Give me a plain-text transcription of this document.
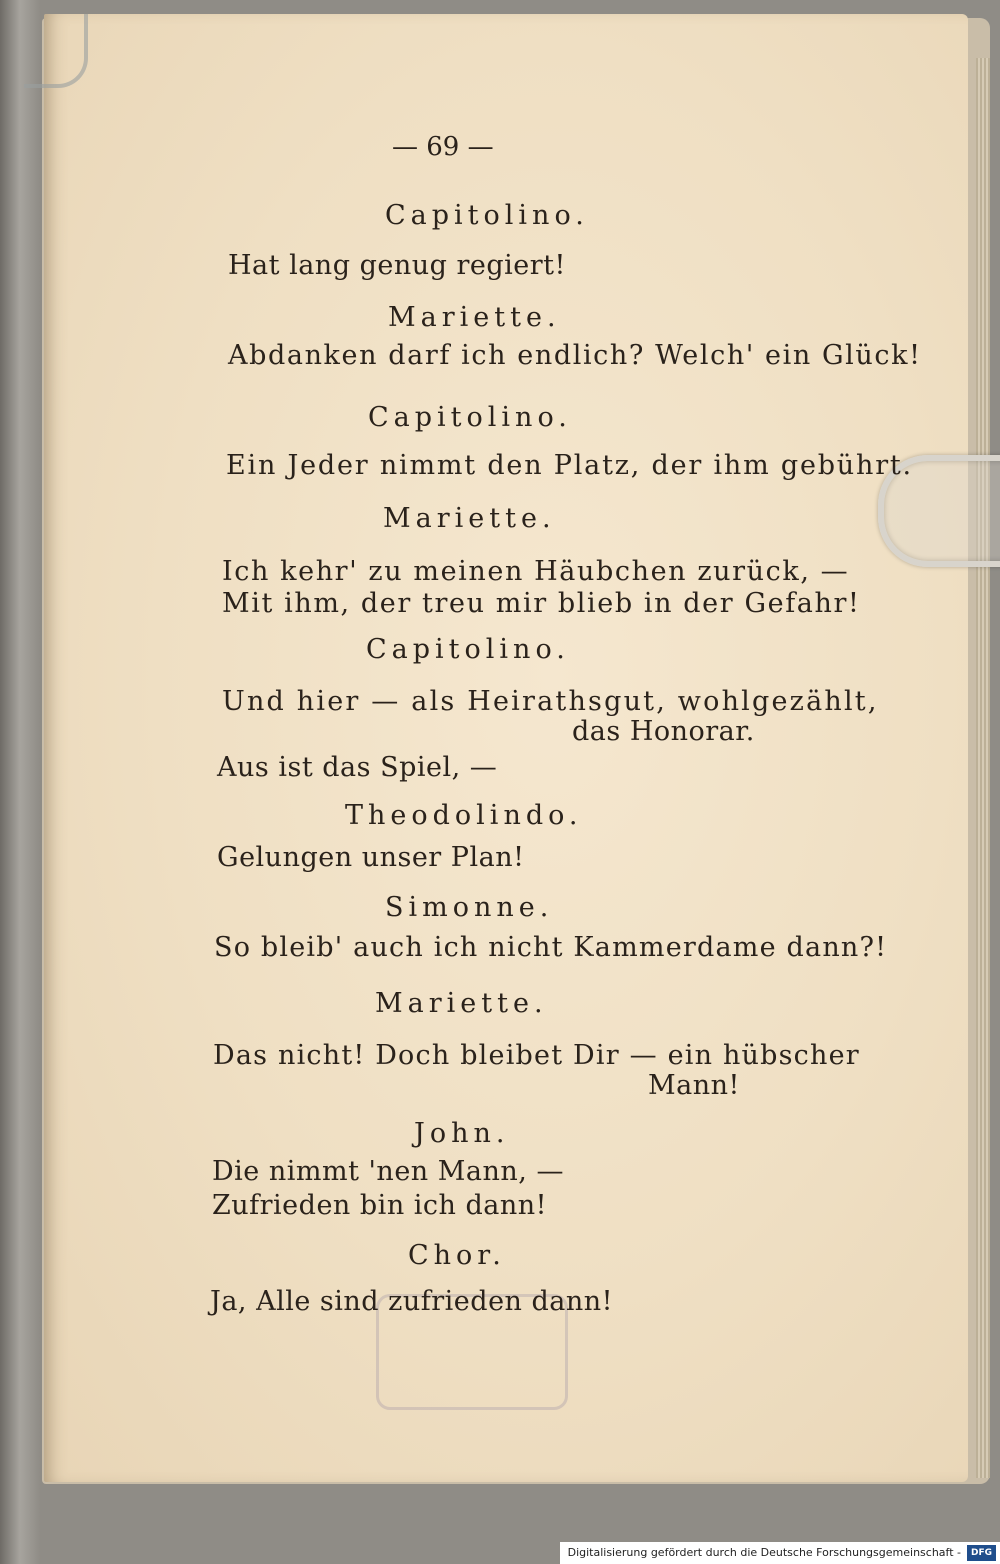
— 69 —
Capitolino.
Hat lang genug regiert!
Mariette.
Abdanken darf ich endlich? Welch' ein Glück!
Capitolino.
Ein Jeder nimmt den Platz, der ihm gebührt.
Mariette.
Ich kehr' zu meinen Häubchen zurück, —
Mit ihm, der treu mir blieb in der Gefahr!
Capitolino.
Und hier — als Heirathsgut, wohlgezählt,
das Honorar.
Aus ist das Spiel, —
Theodolindo.
Gelungen unser Plan!
Simonne.
So bleib' auch ich nicht Kammerdame dann?!
Mariette.
Das nicht! Doch bleibet Dir — ein hübscher
Mann!
John.
Die nimmt 'nen Mann, —
Zufrieden bin ich dann!
Chor.
Ja, Alle sind zufrieden dann!
Digitalisierung gefördert durch die Deutsche Forschungsgemeinschaft -	DFG
